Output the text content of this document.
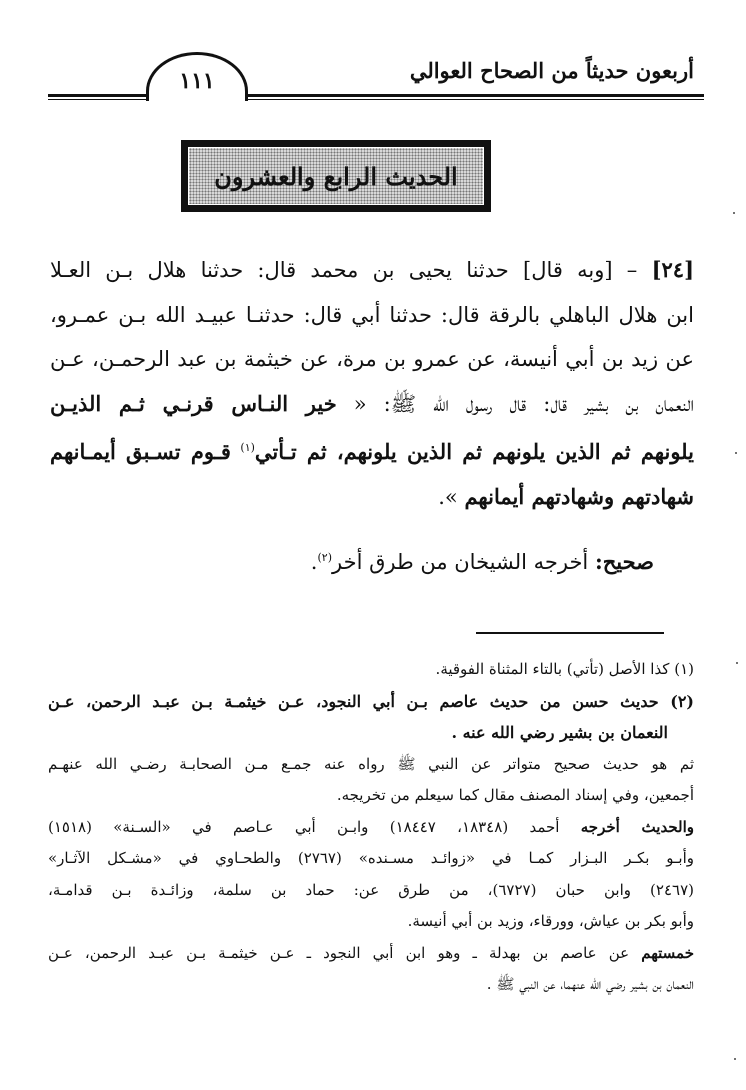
أربعون حديثاً من الصحاح العوالي
١١١
الحديث الرابع والعشرون
[٢٤] – [وبه قال] حدثنا يحيى بن محمد قال: حدثنا هلال بـن العـلا
ابن هلال الباهلي بالرقة قال: حدثنا أبي قال: حدثنـا عبيـد الله بـن عمـرو،
عن زيد بن أبي أنيسة، عن عمرو بن مرة، عن خيثمة بن عبد الرحمـن، عـن
النعمان بن بشير قال: قال رسول الله ﷺ: « خير النـاس قرنـي ثـم الذيـن
يلونهم ثم الذين يلونهم ثم الذين يلونهم، ثم تـأتي$^{(١)}$ قـوم تسـبق أيمـانهم
شهادتهم وشهادتهم أيمانهم ».
صحيح: أخرجه الشيخان من طرق أخر$^{(٢)}$.
(١) كذا الأصل (تأتي) بالتاء المثناة الفوقية.
(٢) حديث حسن من حديث عاصم بـن أبي النجود، عـن خيثمـة بـن عبـد الرحمن، عـن
النعمان بن بشير رضي الله عنه .
ثم هو حديث صحيح متواتر عن النبي ﷺ رواه عنه جمـع مـن الصحابـة رضـي الله عنهـم
أجمعين، وفي إسناد المصنف مقال كما سيعلم من تخريجه.
والحديث أخرجه أحمد (١٨٣٤٨، ١٨٤٤٧) وابـن أبي عـاصم في «السـنة» (١٥١٨)
وأبـو بكـر البـزار كمـا في «زوائـد مسـنده» (٢٧٦٧) والطحـاوي في «مشـكل الآثـار»
(٢٤٦٧) وابن حبان (٦٧٢٧)، من طرق عن: حماد بن سلمة، وزائـدة بـن قدامـة،
وأبو بكر بن عياش، وورقاء، وزيد بن أبي أنيسة.
خمستهم عن عاصم بن بهدلة ـ وهو ابن أبي النجود ـ عـن خيثمـة بـن عبـد الرحمن، عـن
النعمان بن بشير رضي الله عنهما، عن النبي ﷺ .
